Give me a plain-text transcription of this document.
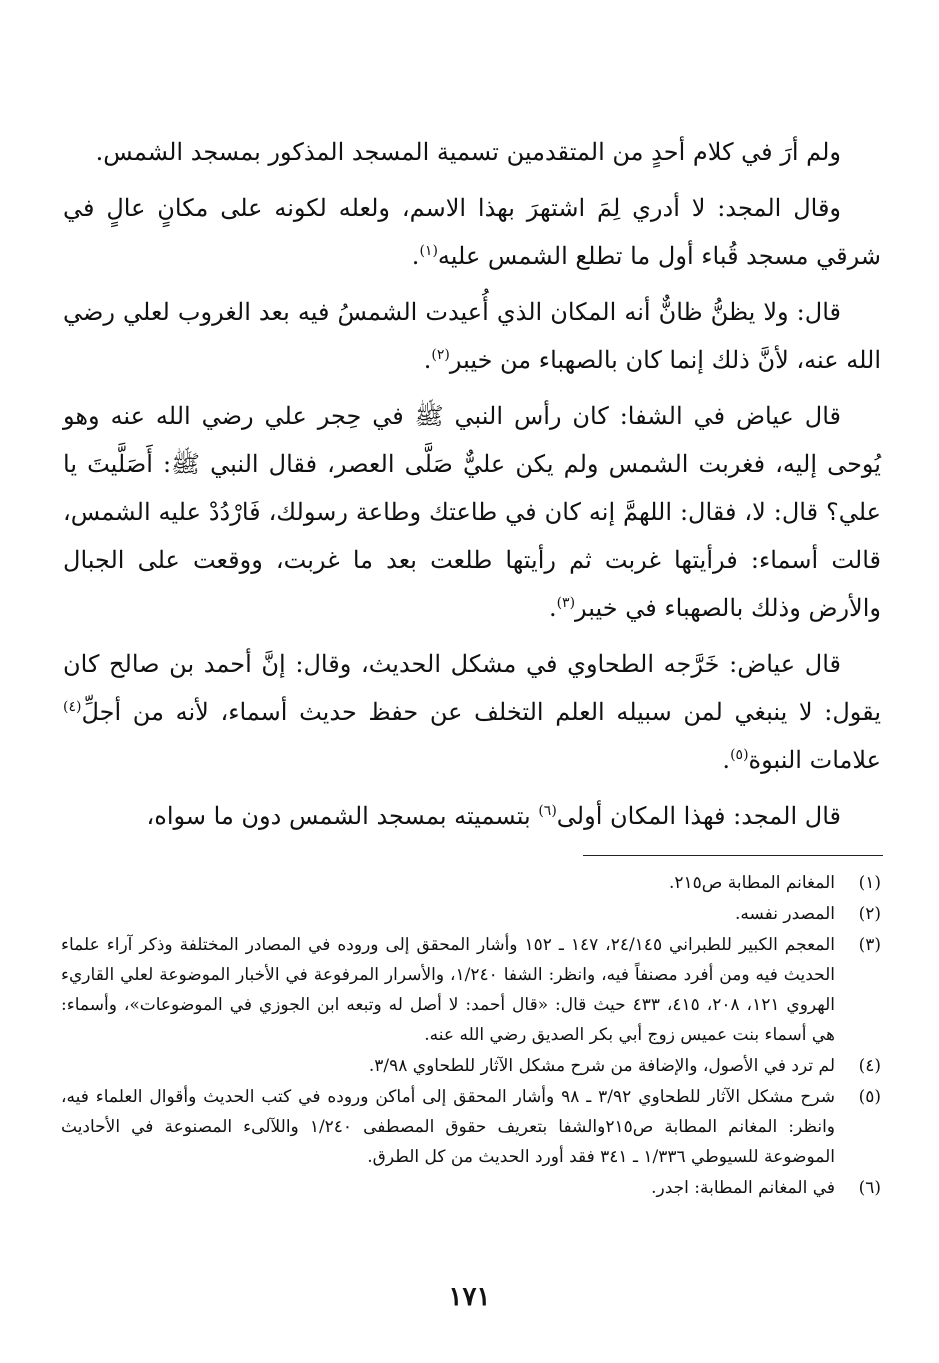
ولم أرَ في كلام أحدٍ من المتقدمين تسمية المسجد المذكور بمسجد الشمس.

وقال المجد: لا أدري لِمَ اشتهرَ بهذا الاسم، ولعله لكونه على مكانٍ عالٍ في شرقي مسجد قُباء أول ما تطلع الشمس عليه$^{(١)}$.

قال: ولا يظنُّ ظانٌّ أنه المكان الذي أُعيدت الشمسُ فيه بعد الغروب لعلي رضي الله عنه، لأنَّ ذلك إنما كان بالصهباء من خيبر$^{(٢)}$.

قال عياض في الشفا: كان رأس النبي ﷺ في حِجر علي رضي الله عنه وهو يُوحى إليه، فغربت الشمس ولم يكن عليٌّ صَلَّى العصر، فقال النبي ﷺ: أَصَلَّيتَ يا علي؟ قال: لا، فقال: اللهمَّ إنه كان في طاعتك وطاعة رسولك، فَارْدُدْ عليه الشمس، قالت أسماء: فرأيتها غربت ثم رأيتها طلعت بعد ما غربت، ووقعت على الجبال والأرض وذلك بالصهباء في خيبر$^{(٣)}$.

قال عياض: خَرَّجه الطحاوي في مشكل الحديث، وقال: إنَّ أحمد بن صالح كان يقول: لا ينبغي لمن سبيله العلم التخلف عن حفظ حديث أسماء، لأنه من أجلِّ$^{(٤)}$ علامات النبوة$^{(٥)}$.

قال المجد: فهذا المكان أولى$^{(٦)}$ بتسميته بمسجد الشمس دون ما سواه،

(١)
المغانم المطابة ص٢١٥.
(٢)
المصدر نفسه.
(٣)
المعجم الكبير للطبراني ٢٤/١٤٥، ١٤٧ ـ ١٥٢ وأشار المحقق إلى وروده في المصادر المختلفة وذكر آراء علماء الحديث فيه ومن أفرد مصنفاً فيه، وانظر: الشفا ١/٢٤٠، والأسرار المرفوعة في الأخبار الموضوعة لعلي القاريء الهروي ١٢١، ٢٠٨، ٤١٥، ٤٣٣ حيث قال: «قال أحمد: لا أصل له وتبعه ابن الجوزي في الموضوعات»، وأسماء: هي أسماء بنت عميس زوج أبي بكر الصديق رضي الله عنه.
(٤)
لم ترد في الأصول، والإضافة من شرح مشكل الآثار للطحاوي ٣/٩٨.
(٥)
شرح مشكل الآثار للطحاوي ٣/٩٢ ـ ٩٨ وأشار المحقق إلى أماكن وروده في كتب الحديث وأقوال العلماء فيه، وانظر: المغانم المطابة ص٢١٥والشفا بتعريف حقوق المصطفى ١/٢٤٠ واللآلىء المصنوعة في الأحاديث الموضوعة للسيوطي ١/٣٣٦ ـ ٣٤١ فقد أورد الحديث من كل الطرق.
(٦)
في المغانم المطابة: اجدر.
١٧١
